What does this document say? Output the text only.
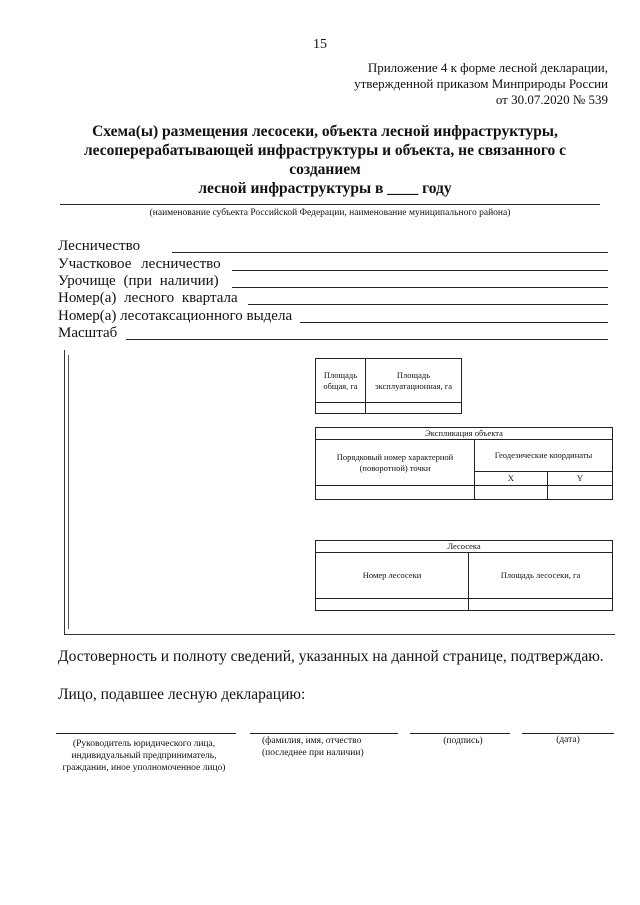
15
Приложение 4 к форме лесной декларации,
утвержденной приказом Минприроды России
от 30.07.2020 № 539
Схема(ы) размещения лесосеки, объекта лесной инфраструктуры,
лесоперерабатывающей инфраструктуры и объекта, не связанного с созданием
лесной инфраструктуры в ____ году
(наименование субъекта Российской Федерации, наименование муниципального района)
Лесничество
Участковое лесничество
Урочище (при наличии)
Номер(а) лесного квартала
Номер(а) лесотаксационного выдела
Масштаб
Площадь общая, га	Площадь эксплуатационная, га

Экспликация объекта		
Порядковый номер характерной (поворотной) точки	Геодезические координаты	
	X	Y

Лесосека	
Номер лесосеки	Площадь лесосеки, га

Достоверность и полноту сведений, указанных на данной странице, подтверждаю.
Лицо, подавшее лесную декларацию:
(Руководитель юридического лица, индивидуальный предприниматель, гражданин, иное уполномоченное лицо)
(фамилия, имя, отчество (последнее при наличии)
(подпись)	(дата)
